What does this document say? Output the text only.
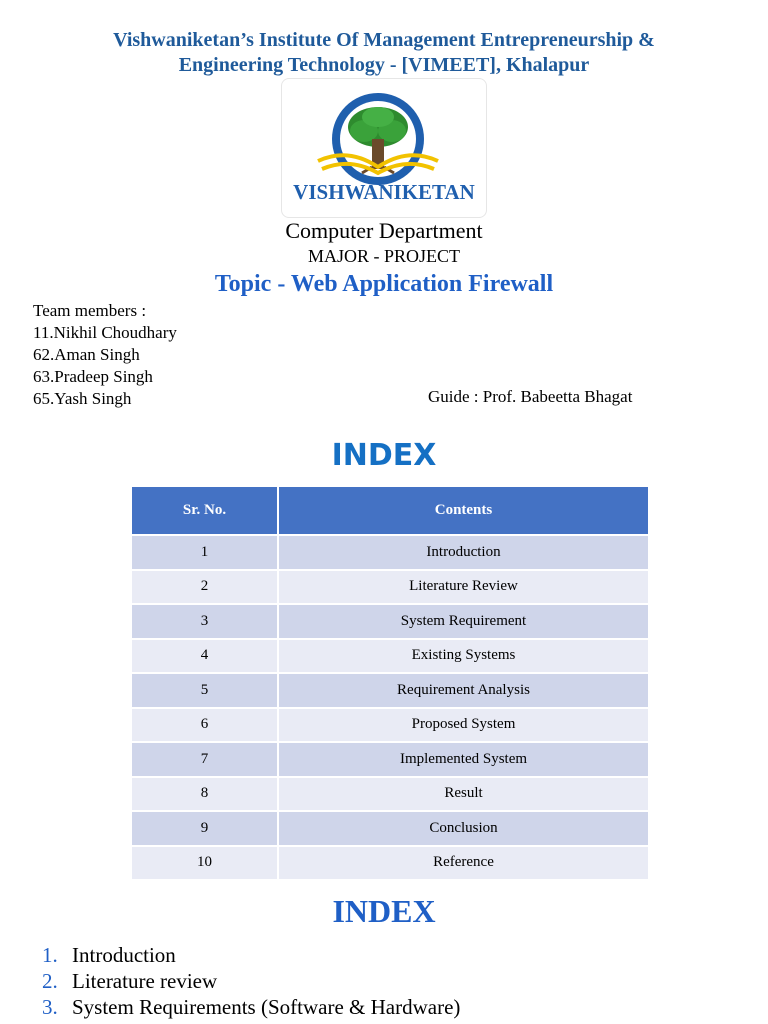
Vishwaniketan’s Institute Of Management Entrepreneurship &
Engineering Technology - [VIMEET], Khalapur
VISHWANIKETAN
Computer Department
MAJOR - PROJECT
Topic - Web Application Firewall
Team members :
11.Nikhil Choudhary
62.Aman Singh
63.Pradeep Singh
65.Yash Singh	Guide : Prof. Babeetta Bhagat
INDEX
Sr. No.	Contents
1	Introduction
2	Literature Review
3	System Requirement
4	Existing Systems
5	Requirement Analysis
6	Proposed System
7	Implemented System
8	Result
9	Conclusion
10	Reference
INDEX
1. Introduction
2. Literature review
3. System Requirements (Software & Hardware)
